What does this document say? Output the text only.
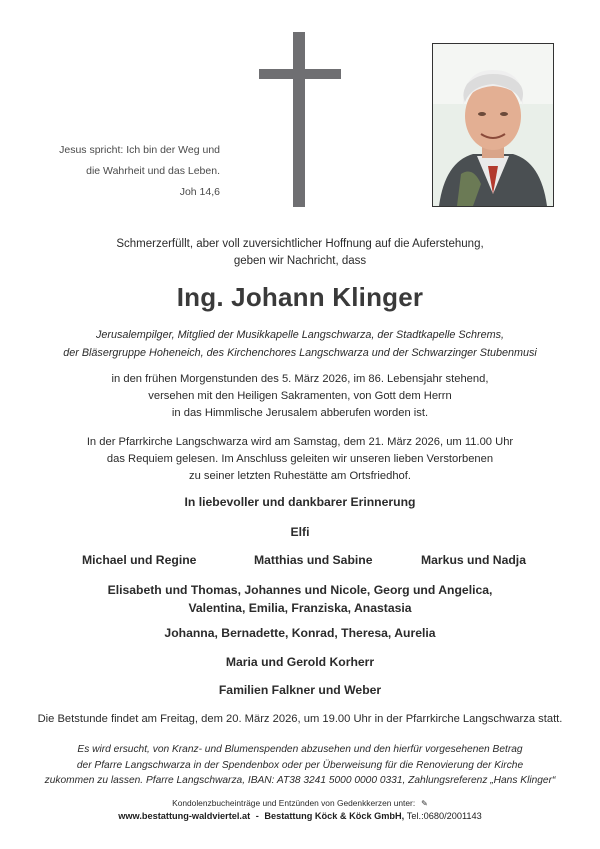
Jesus spricht: Ich bin der Weg und
die Wahrheit und das Leben.
Joh 14,6
Schmerzerfüllt, aber voll zuversichtlicher Hoffnung auf die Auferstehung,
geben wir Nachricht, dass
Ing. Johann Klinger
Jerusalempilger, Mitglied der Musikkapelle Langschwarza, der Stadtkapelle Schrems,
der Bläsergruppe Hoheneich, des Kirchenchores Langschwarza und der Schwarzinger Stubenmusi
in den frühen Morgenstunden des 5. März 2026, im 86. Lebensjahr stehend,
versehen mit den Heiligen Sakramenten, von Gott dem Herrn
in das Himmlische Jerusalem abberufen worden ist.
In der Pfarrkirche Langschwarza wird am Samstag, dem 21. März 2026, um 11.00 Uhr
das Requiem gelesen. Im Anschluss geleiten wir unseren lieben Verstorbenen
zu seiner letzten Ruhestätte am Ortsfriedhof.
In liebevoller und dankbarer Erinnerung
Elfi
Michael und Regine	Matthias und Sabine	Markus und Nadja
Elisabeth und Thomas, Johannes und Nicole, Georg und Angelica,
Valentina, Emilia, Franziska, Anastasia
Johanna, Bernadette, Konrad, Theresa, Aurelia
Maria und Gerold Korherr
Familien Falkner und Weber
Die Betstunde findet am Freitag, dem 20. März 2026, um 19.00 Uhr in der Pfarrkirche Langschwarza statt.
Es wird ersucht, von Kranz- und Blumenspenden abzusehen und den hierfür vorgesehenen Betrag
der Pfarre Langschwarza in der Spendenbox oder per Überweisung für die Renovierung der Kirche
zukommen zu lassen. Pfarre Langschwarza, IBAN: AT38 3241 5000 0000 0331, Zahlungsreferenz „Hans Klinger“
Kondolenzbucheinträge und Entzünden von Gedenkkerzen unter: ✎
www.bestattung-waldviertel.at - Bestattung Köck & Köck GmbH, Tel.:0680/2001143
